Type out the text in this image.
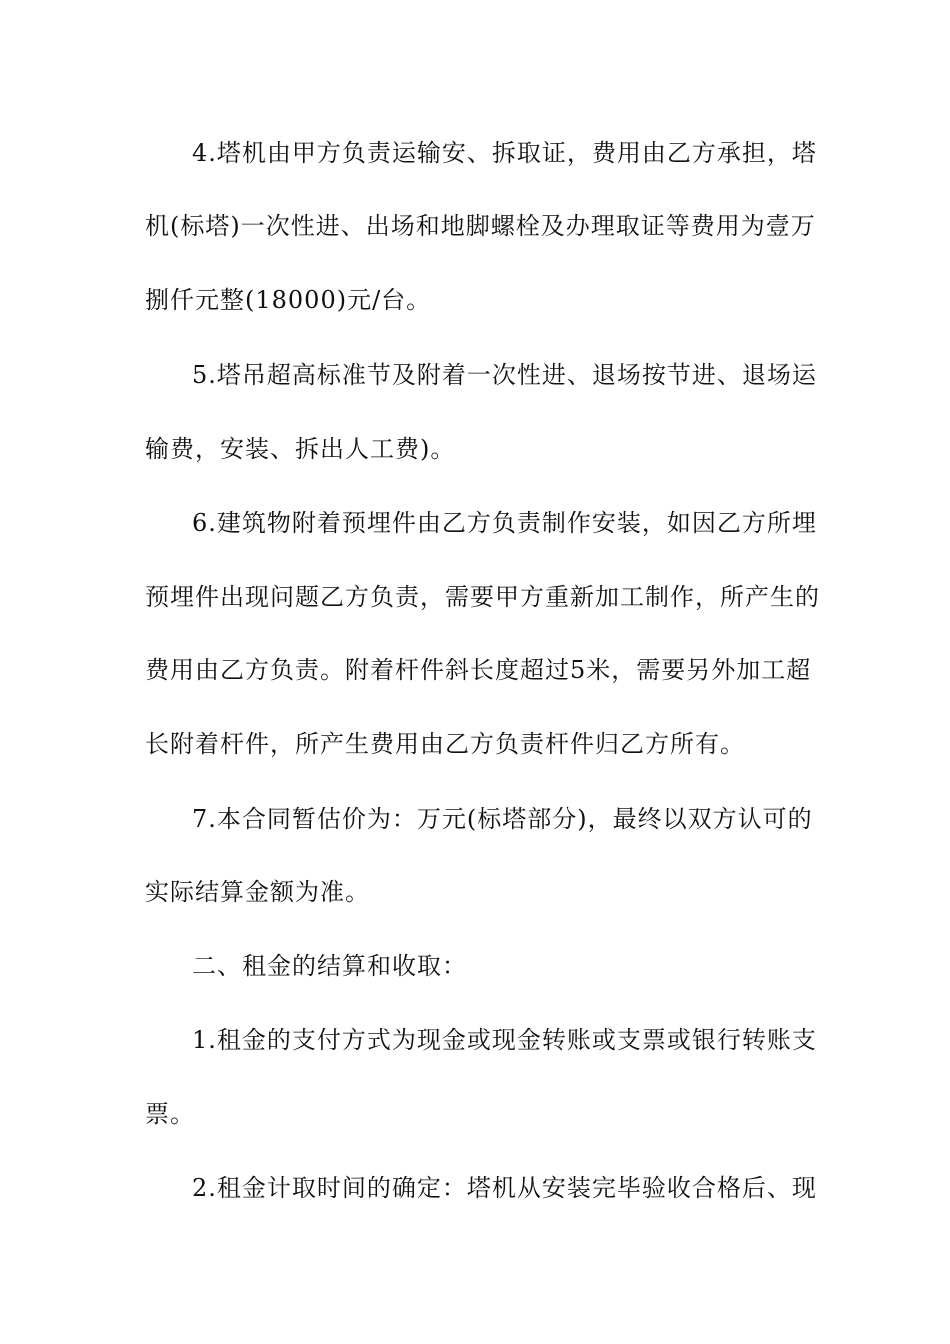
4.塔机由甲方负责运输安、拆取证，费用由乙方承担，塔
机(标塔)一次性进、出场和地脚螺栓及办理取证等费用为壹万
捌仟元整(18000)元/台。
5.塔吊超高标准节及附着一次性进、退场按节进、退场运
输费，安装、拆出人工费)。
6.建筑物附着预埋件由乙方负责制作安装，如因乙方所埋
预埋件出现问题乙方负责，需要甲方重新加工制作，所产生的
费用由乙方负责。附着杆件斜长度超过5米，需要另外加工超
长附着杆件，所产生费用由乙方负责杆件归乙方所有。
7.本合同暂估价为：万元(标塔部分)，最终以双方认可的
实际结算金额为准。
二、租金的结算和收取：
1.租金的支付方式为现金或现金转账或支票或银行转账支
票。
2.租金计取时间的确定：塔机从安装完毕验收合格后、现
